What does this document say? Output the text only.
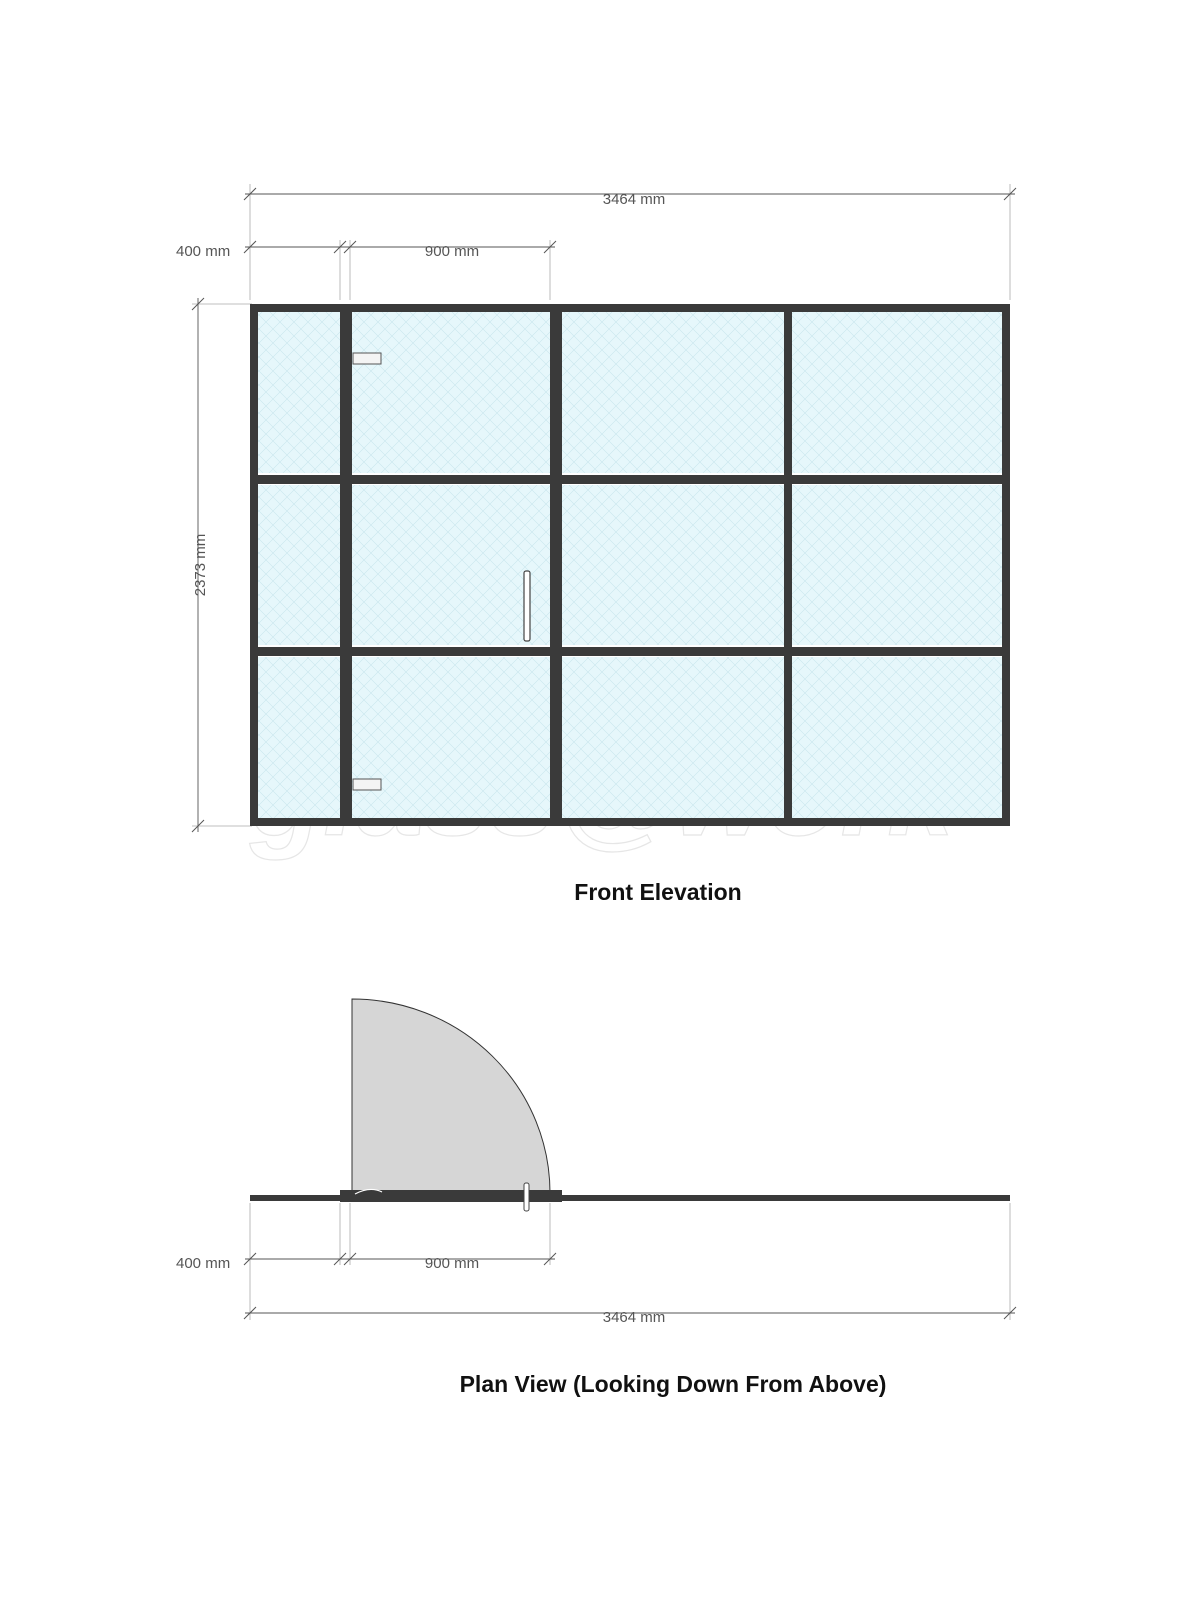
3464 mm
400 mm	900 mm
2373 mm
Front Elevation
400 mm	900 mm
3464 mm
Plan View (Looking Down From Above)
